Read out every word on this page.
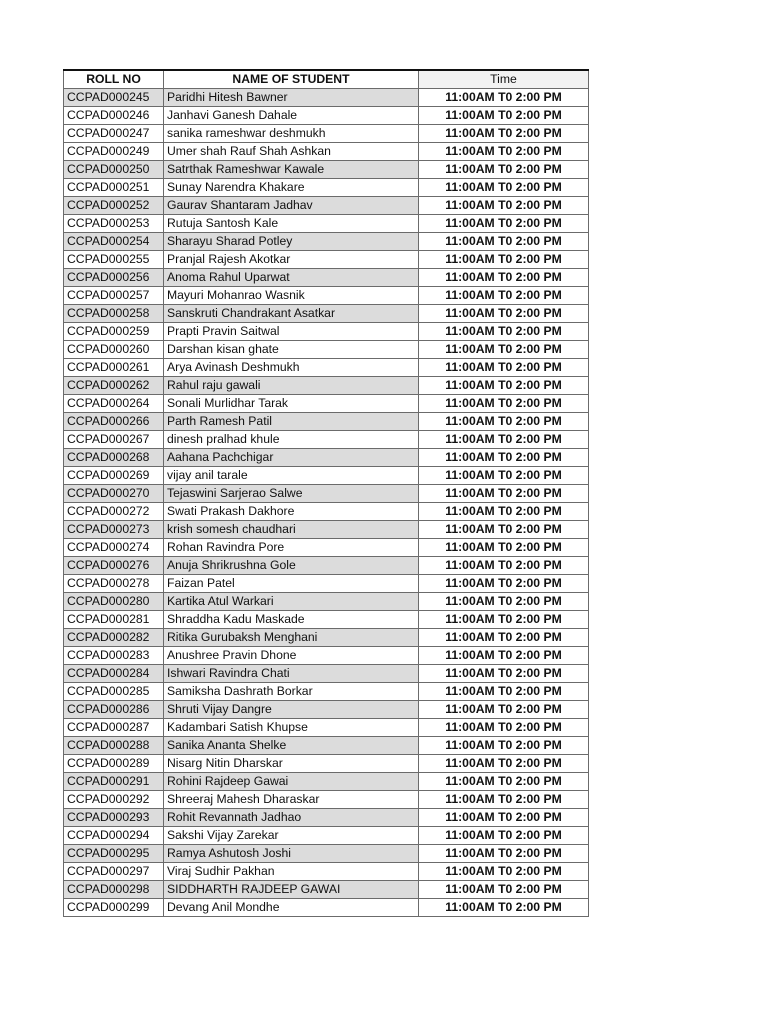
ROLL NO	NAME OF STUDENT	Time
CCPAD000245	Paridhi Hitesh Bawner	11:00AM T0 2:00 PM
CCPAD000246	Janhavi Ganesh Dahale	11:00AM T0 2:00 PM
CCPAD000247	sanika rameshwar deshmukh	11:00AM T0 2:00 PM
CCPAD000249	Umer shah Rauf Shah Ashkan	11:00AM T0 2:00 PM
CCPAD000250	Satrthak Rameshwar Kawale	11:00AM T0 2:00 PM
CCPAD000251	Sunay Narendra Khakare	11:00AM T0 2:00 PM
CCPAD000252	Gaurav Shantaram Jadhav	11:00AM T0 2:00 PM
CCPAD000253	Rutuja Santosh Kale	11:00AM T0 2:00 PM
CCPAD000254	Sharayu Sharad Potley	11:00AM T0 2:00 PM
CCPAD000255	Pranjal Rajesh Akotkar	11:00AM T0 2:00 PM
CCPAD000256	Anoma Rahul Uparwat	11:00AM T0 2:00 PM
CCPAD000257	Mayuri Mohanrao Wasnik	11:00AM T0 2:00 PM
CCPAD000258	Sanskruti Chandrakant Asatkar	11:00AM T0 2:00 PM
CCPAD000259	Prapti Pravin Saitwal	11:00AM T0 2:00 PM
CCPAD000260	Darshan kisan ghate	11:00AM T0 2:00 PM
CCPAD000261	Arya Avinash Deshmukh	11:00AM T0 2:00 PM
CCPAD000262	Rahul raju gawali	11:00AM T0 2:00 PM
CCPAD000264	Sonali Murlidhar Tarak	11:00AM T0 2:00 PM
CCPAD000266	Parth Ramesh Patil	11:00AM T0 2:00 PM
CCPAD000267	dinesh pralhad khule	11:00AM T0 2:00 PM
CCPAD000268	Aahana Pachchigar	11:00AM T0 2:00 PM
CCPAD000269	vijay anil tarale	11:00AM T0 2:00 PM
CCPAD000270	Tejaswini Sarjerao Salwe	11:00AM T0 2:00 PM
CCPAD000272	Swati Prakash Dakhore	11:00AM T0 2:00 PM
CCPAD000273	krish somesh chaudhari	11:00AM T0 2:00 PM
CCPAD000274	Rohan Ravindra Pore	11:00AM T0 2:00 PM
CCPAD000276	Anuja Shrikrushna Gole	11:00AM T0 2:00 PM
CCPAD000278	Faizan Patel	11:00AM T0 2:00 PM
CCPAD000280	Kartika Atul Warkari	11:00AM T0 2:00 PM
CCPAD000281	Shraddha Kadu Maskade	11:00AM T0 2:00 PM
CCPAD000282	Ritika Gurubaksh Menghani	11:00AM T0 2:00 PM
CCPAD000283	Anushree Pravin Dhone	11:00AM T0 2:00 PM
CCPAD000284	Ishwari Ravindra Chati	11:00AM T0 2:00 PM
CCPAD000285	Samiksha Dashrath Borkar	11:00AM T0 2:00 PM
CCPAD000286	Shruti Vijay Dangre	11:00AM T0 2:00 PM
CCPAD000287	Kadambari Satish Khupse	11:00AM T0 2:00 PM
CCPAD000288	Sanika Ananta Shelke	11:00AM T0 2:00 PM
CCPAD000289	Nisarg Nitin Dharskar	11:00AM T0 2:00 PM
CCPAD000291	Rohini Rajdeep Gawai	11:00AM T0 2:00 PM
CCPAD000292	Shreeraj Mahesh Dharaskar	11:00AM T0 2:00 PM
CCPAD000293	Rohit Revannath Jadhao	11:00AM T0 2:00 PM
CCPAD000294	Sakshi Vijay Zarekar	11:00AM T0 2:00 PM
CCPAD000295	Ramya Ashutosh Joshi	11:00AM T0 2:00 PM
CCPAD000297	Viraj Sudhir Pakhan	11:00AM T0 2:00 PM
CCPAD000298	SIDDHARTH RAJDEEP GAWAI	11:00AM T0 2:00 PM
CCPAD000299	Devang Anil Mondhe	11:00AM T0 2:00 PM
